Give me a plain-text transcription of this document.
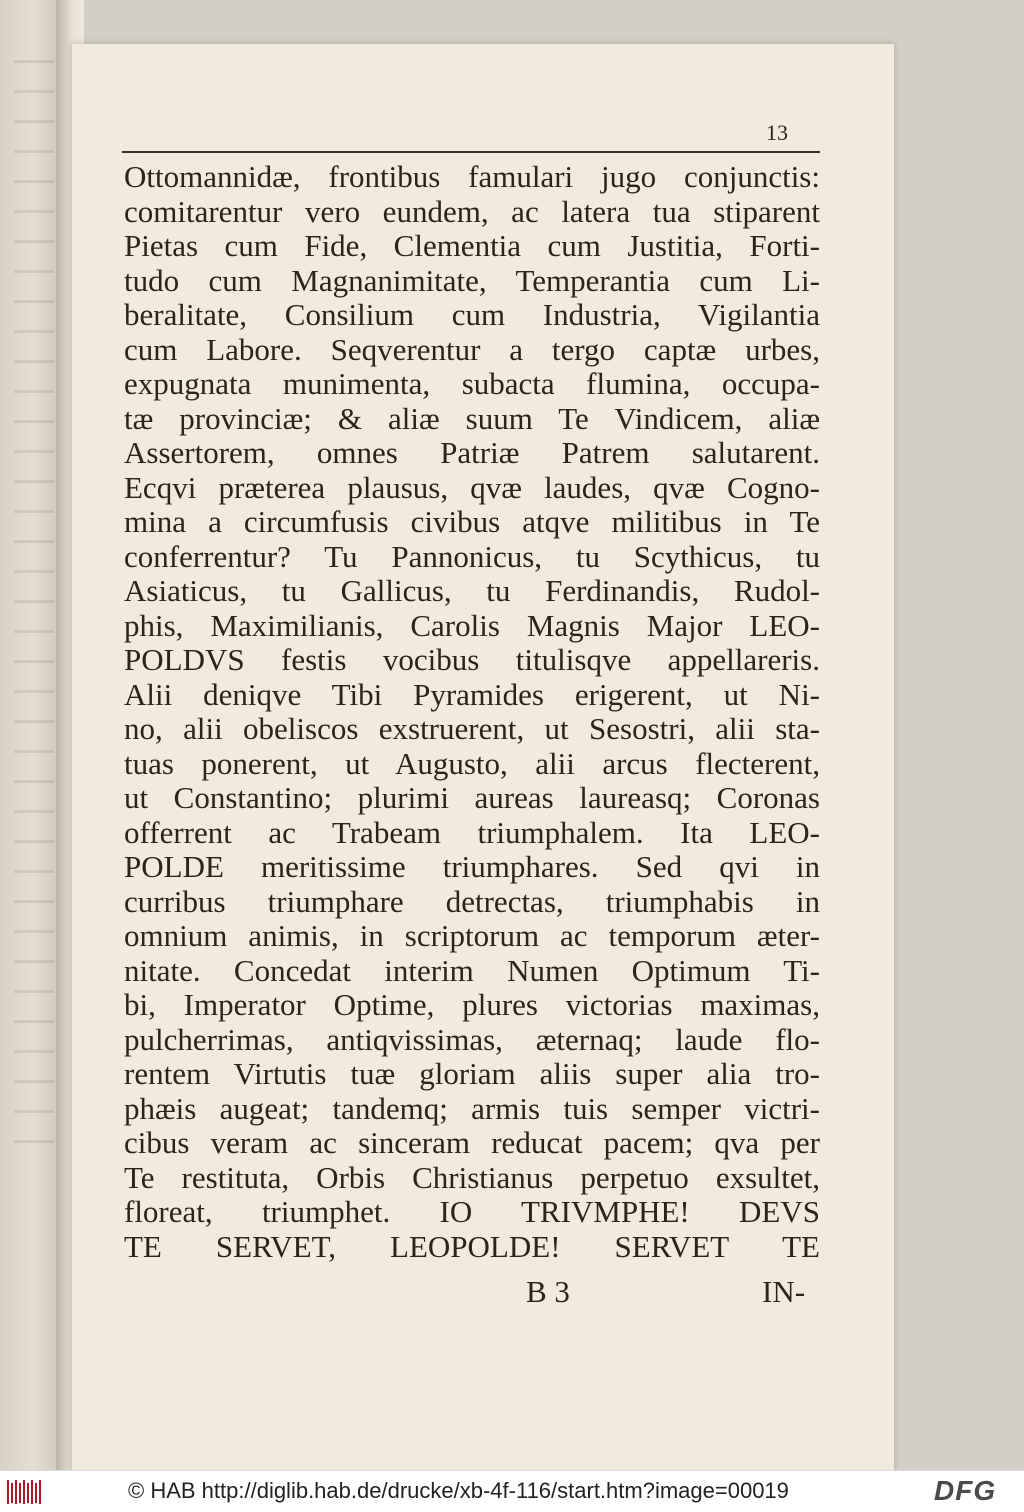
13
Ottomannidæ, frontibus famulari jugo conjunctis:
comitarentur vero eundem, ac latera tua stiparent
Pietas cum Fide, Clementia cum Justitia, Forti-
tudo cum Magnanimitate, Temperantia cum Li-
beralitate, Consilium cum Industria, Vigilantia
cum Labore. Seqverentur a tergo captæ urbes,
expugnata munimenta, subacta flumina, occupa-
tæ provinciæ; & aliæ suum Te Vindicem, aliæ
Assertorem, omnes Patriæ Patrem salutarent.
Ecqvi præterea plausus, qvæ laudes, qvæ Cogno-
mina a circumfusis civibus atqve militibus in Te
conferrentur? Tu Pannonicus, tu Scythicus, tu
Asiaticus, tu Gallicus, tu Ferdinandis, Rudol-
phis, Maximilianis, Carolis Magnis Major LEO-
POLDVS festis vocibus titulisqve appellareris.
Alii deniqve Tibi Pyramides erigerent, ut Ni-
no, alii obeliscos exstruerent, ut Sesostri, alii sta-
tuas ponerent, ut Augusto, alii arcus flecterent,
ut Constantino; plurimi aureas laureasq; Coronas
offerrent ac Trabeam triumphalem. Ita LEO-
POLDE meritissime triumphares. Sed qvi in
curribus triumphare detrectas, triumphabis in
omnium animis, in scriptorum ac temporum æter-
nitate. Concedat interim Numen Optimum Ti-
bi, Imperator Optime, plures victorias maximas,
pulcherrimas, antiqvissimas, æternaq; laude flo-
rentem Virtutis tuæ gloriam aliis super alia tro-
phæis augeat; tandemq; armis tuis semper victri-
cibus veram ac sinceram reducat pacem; qva per
Te restituta, Orbis Christianus perpetuo exsultet,
floreat, triumphet. IO TRIVMPHE! DEVS
TE SERVET, LEOPOLDE! SERVET TE
B 3	IN-
© HAB http://diglib.hab.de/drucke/xb-4f-116/start.htm?image=00019	DFG
